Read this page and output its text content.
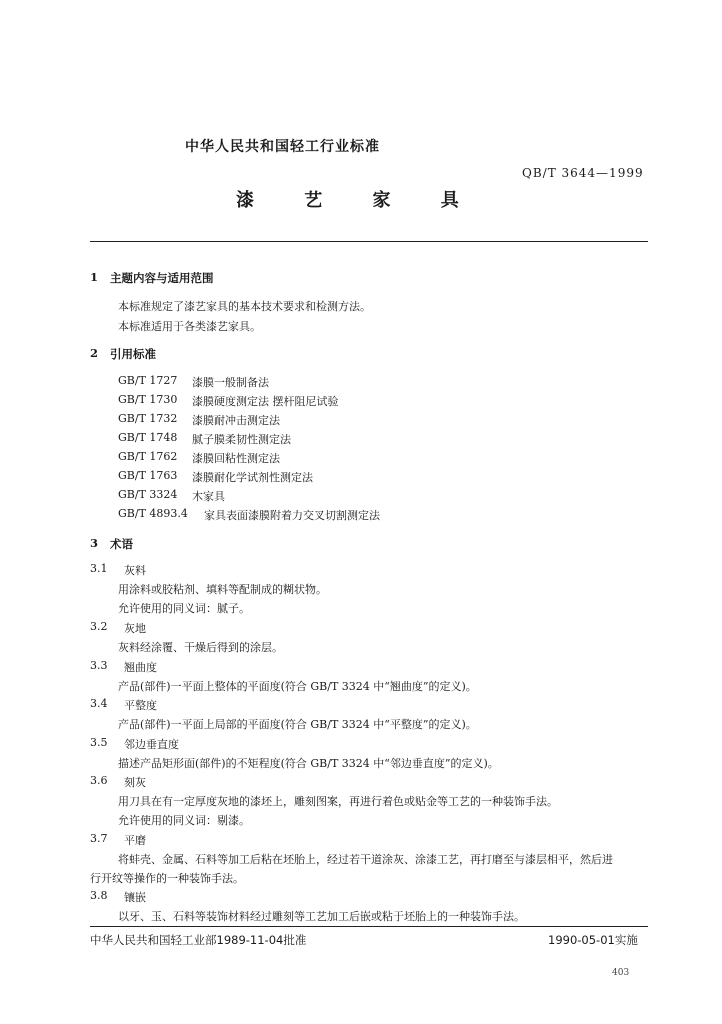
中华人民共和国轻工行业标准
QB/T 3644—1999
漆 艺 家 具
1 主题内容与适用范围
本标准规定了漆艺家具的基本技术要求和检测方法。
本标准适用于各类漆艺家具。
2 引用标准
GB/T 1727 漆膜一般制备法
GB/T 1730 漆膜硬度测定法 摆杆阻尼试验
GB/T 1732 漆膜耐冲击测定法
GB/T 1748 腻子膜柔韧性测定法
GB/T 1762 漆膜回粘性测定法
GB/T 1763 漆膜耐化学试剂性测定法
GB/T 3324 木家具
GB/T 4893.4 家具表面漆膜附着力交叉切割测定法
3 术语
3.1 灰料
用涂料或胶粘剂、填料等配制成的糊状物。
允许使用的同义词：腻子。
3.2 灰地
灰料经涂覆、干燥后得到的涂层。
3.3 翘曲度
产品(部件)一平面上整体的平面度(符合 GB/T 3324 中“翘曲度”的定义)。
3.4 平整度
产品(部件)一平面上局部的平面度(符合 GB/T 3324 中“平整度”的定义)。
3.5 邻边垂直度
描述产品矩形面(部件)的不矩程度(符合 GB/T 3324 中“邻边垂直度”的定义)。
3.6 刻灰
用刀具在有一定厚度灰地的漆坯上，雕刻图案，再进行着色或贴金等工艺的一种装饰手法。
允许使用的同义词：剔漆。
3.7 平磨
将蚌壳、金属、石料等加工后粘在坯胎上，经过若干道涂灰、涂漆工艺，再打磨至与漆层相平，然后进
行开纹等操作的一种装饰手法。
3.8 镶嵌
以牙、玉、石料等装饰材料经过雕刻等工艺加工后嵌或粘于坯胎上的一种装饰手法。
中华人民共和国轻工业部1989-11-04批准	1990-05-01实施
403
